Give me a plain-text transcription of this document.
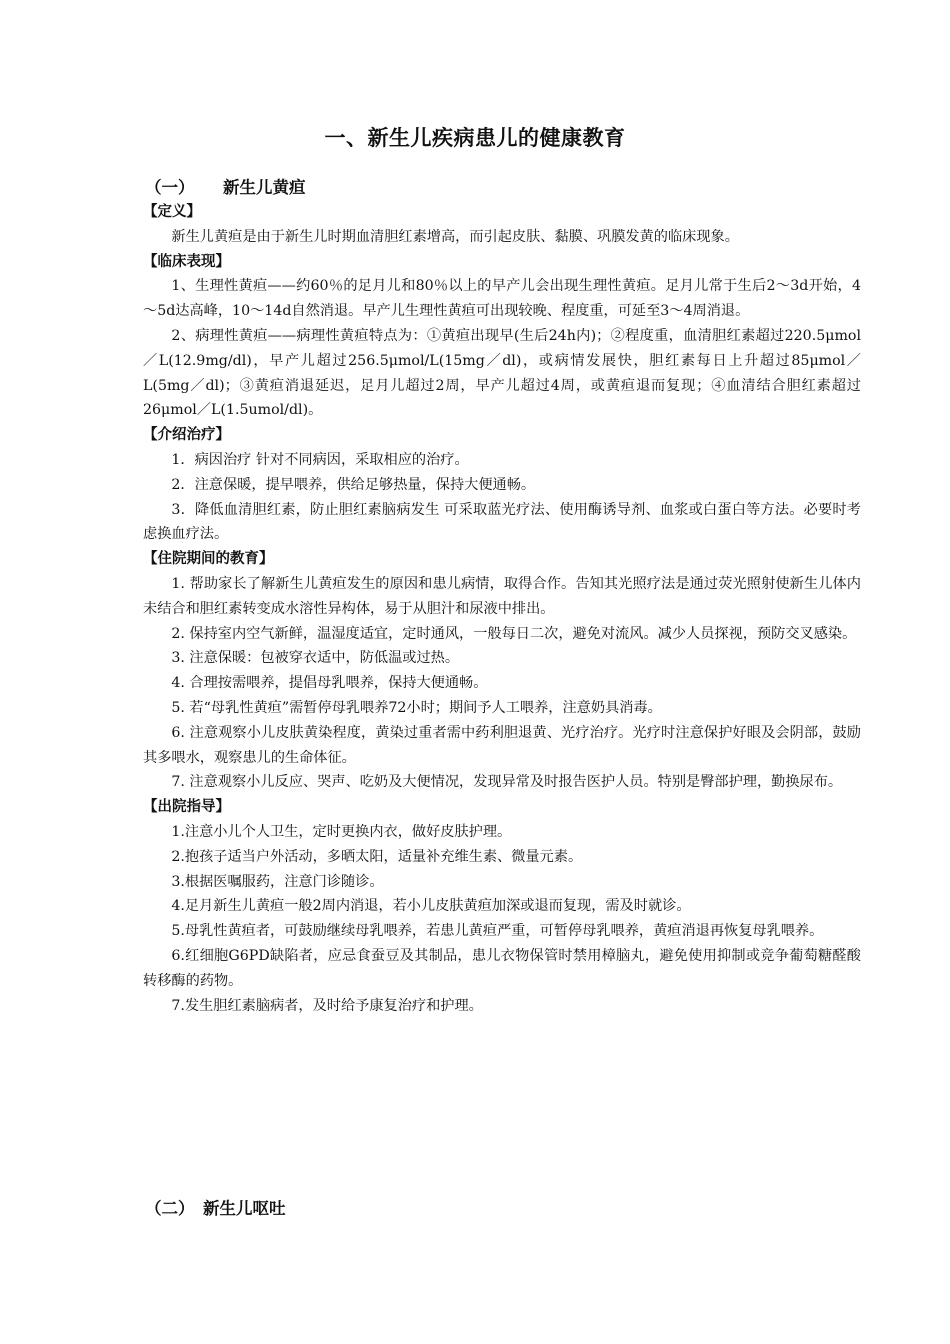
一、新生儿疾病患儿的健康教育
（一） 新生儿黄疸
【定义】

新生儿黄疸是由于新生儿时期血清胆红素增高，而引起皮肤、黏膜、巩膜发黄的临床现象。

【临床表现】

1、生理性黄疸——约60％的足月儿和80％以上的早产儿会出现生理性黄疸。足月儿常于生后2～3d开始，4～5d达高峰，10～14d自然消退。早产儿生理性黄疸可出现较晚、程度重，可延至3～4周消退。

2、病理性黄疸——病理性黄疸特点为：①黄疸出现早(生后24h内)；②程度重，血清胆红素超过220.5μmol／L(12.9mg/dl)，早产儿超过256.5μmol/L(15mg／dl)，或病情发展快，胆红素每日上升超过85μmol／L(5mg／dl)；③黄疸消退延迟，足月儿超过2周，早产儿超过4周，或黄疸退而复现；④血清结合胆红素超过26μmol／L(1.5umol/dl)。

【介绍治疗】

1．病因治疗 针对不同病因，采取相应的治疗。

2．注意保暖，提早喂养，供给足够热量，保持大便通畅。

3．降低血清胆红素，防止胆红素脑病发生 可采取蓝光疗法、使用酶诱导剂、血浆或白蛋白等方法。必要时考虑换血疗法。

【住院期间的教育】

1. 帮助家长了解新生儿黄疸发生的原因和患儿病情，取得合作。告知其光照疗法是通过荧光照射使新生儿体内未结合和胆红素转变成水溶性异构体，易于从胆汁和尿液中排出。

2. 保持室内空气新鲜，温湿度适宜，定时通风，一般每日二次，避免对流风。减少人员探视，预防交叉感染。

3. 注意保暖：包被穿衣适中，防低温或过热。

4. 合理按需喂养，提倡母乳喂养，保持大便通畅。

5. 若“母乳性黄疸”需暂停母乳喂养72小时；期间予人工喂养，注意奶具消毒。

6. 注意观察小儿皮肤黄染程度，黄染过重者需中药利胆退黄、光疗治疗。光疗时注意保护好眼及会阴部，鼓励其多喂水，观察患儿的生命体征。

7. 注意观察小儿反应、哭声、吃奶及大便情况，发现异常及时报告医护人员。特别是臀部护理，勤换尿布。

【出院指导】

1.注意小儿个人卫生，定时更换内衣，做好皮肤护理。

2.抱孩子适当户外活动，多晒太阳，适量补充维生素、微量元素。

3.根据医嘱服药，注意门诊随诊。

4.足月新生儿黄疸一般2周内消退，若小儿皮肤黄疸加深或退而复现，需及时就诊。

5.母乳性黄疸者，可鼓励继续母乳喂养，若患儿黄疸严重，可暂停母乳喂养，黄疸消退再恢复母乳喂养。

6.红细胞G6PD缺陷者，应忌食蚕豆及其制品，患儿衣物保管时禁用樟脑丸，避免使用抑制或竞争葡萄糖醛酸转移酶的药物。

7.发生胆红素脑病者，及时给予康复治疗和护理。

（二） 新生儿呕吐
